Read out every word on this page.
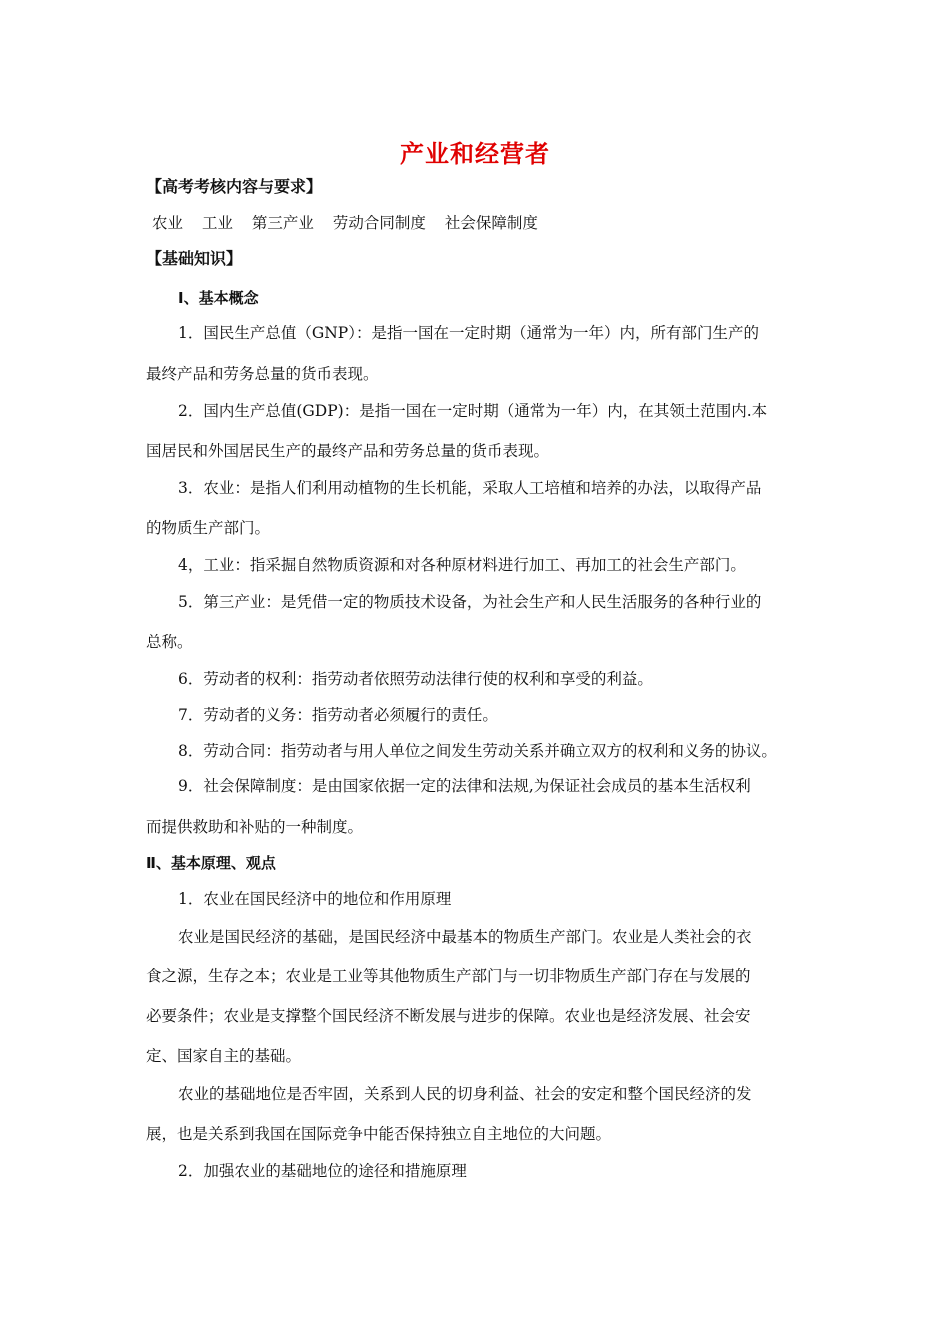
产业和经营者
【高考考核内容与要求】
农业 工业 第三产业 劳动合同制度 社会保障制度
【基础知识】
Ⅰ、基本概念
1．国民生产总值（GNP）：是指一国在一定时期（通常为一年）内，所有部门生产的
最终产品和劳务总量的货币表现。
2．国内生产总值(GDP)：是指一国在一定时期（通常为一年）内，在其领土范围内.本
国居民和外国居民生产的最终产品和劳务总量的货币表现。
3．农业：是指人们利用动植物的生长机能，采取人工培植和培养的办法，以取得产品
的物质生产部门。
4，工业：指采掘自然物质资源和对各种原材料进行加工、再加工的社会生产部门。
5．第三产业：是凭借一定的物质技术设备，为社会生产和人民生活服务的各种行业的
总称。
6．劳动者的权利：指劳动者依照劳动法律行使的权利和享受的利益。
7．劳动者的义务：指劳动者必须履行的责任。
8．劳动合同：指劳动者与用人单位之间发生劳动关系并确立双方的权利和义务的协议。
9．社会保障制度：是由国家依据一定的法律和法规,为保证社会成员的基本生活权利
而提供救助和补贴的一种制度。
Ⅱ、基本原理、观点
1．农业在国民经济中的地位和作用原理
农业是国民经济的基础，是国民经济中最基本的物质生产部门。农业是人类社会的衣
食之源，生存之本；农业是工业等其他物质生产部门与一切非物质生产部门存在与发展的
必要条件；农业是支撑整个国民经济不断发展与进步的保障。农业也是经济发展、社会安
定、国家自主的基础。
农业的基础地位是否牢固，关系到人民的切身利益、社会的安定和整个国民经济的发
展，也是关系到我国在国际竞争中能否保持独立自主地位的大问题。
2．加强农业的基础地位的途径和措施原理
